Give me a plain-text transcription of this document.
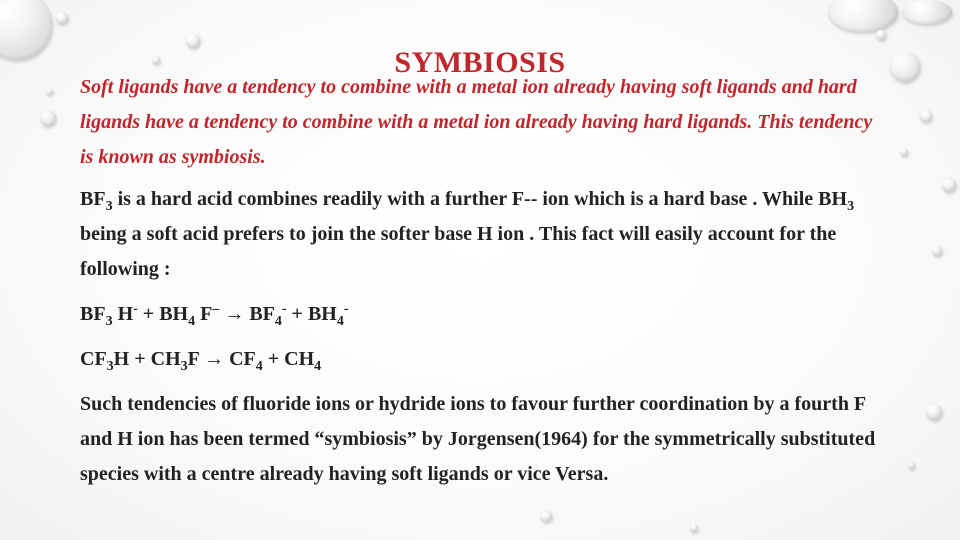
SYMBIOSIS

Soft ligands have a tendency to combine with a metal ion already having soft ligands and hard ligands have a tendency to combine with a metal ion already having hard ligands. This tendency is known as symbiosis.

$BF_3$ is a hard acid combines readily with a further F-- ion which is a hard base . While $BH_3$ being a soft acid prefers to join the softer base H ion . This fact will easily account for the following :

$BF_3$ $H^- + BH_4$ $F^- \to BF_4^- + BH_4^-$

$CF_3H + CH_3F \to CF_4 + CH_4$

Such tendencies of fluoride ions or hydride ions to favour further coordination by a fourth F and H ion has been termed “symbiosis” by Jorgensen(1964) for the symmetrically substituted species with a centre already having soft ligands or vice Versa.
